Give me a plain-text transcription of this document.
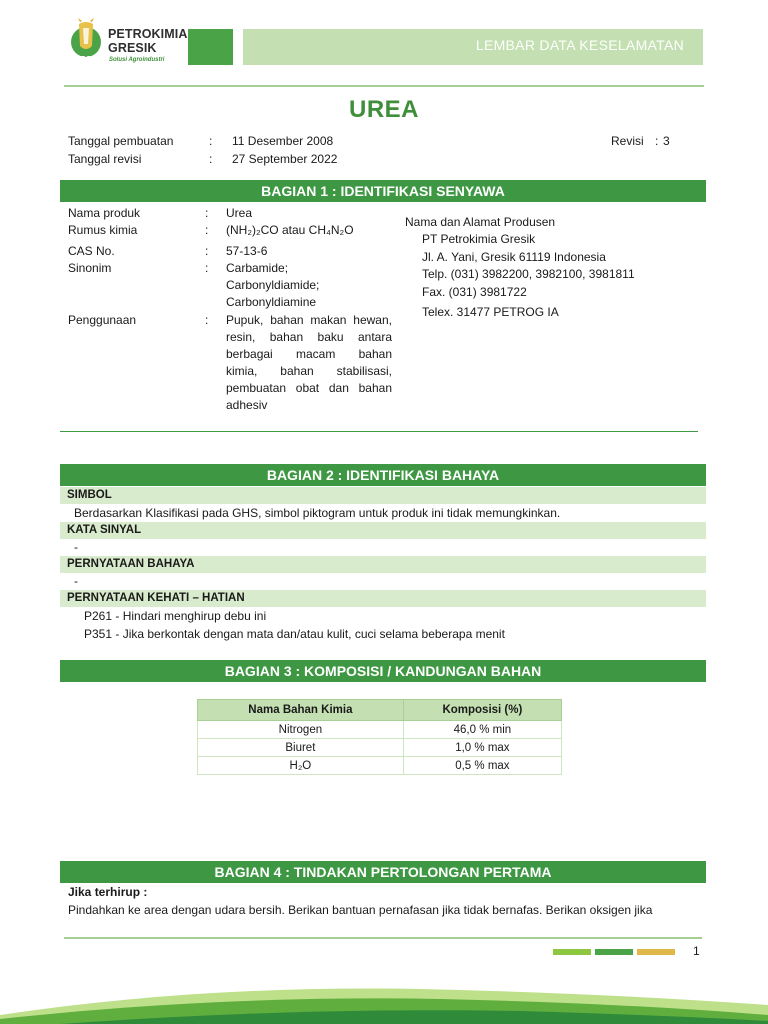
PG
PETROKIMIA
GRESIK
Solusi Agroindustri
LEMBAR DATA KESELAMATAN
UREA
Tanggal pembuatan	: 11 Desember 2008
Tanggal revisi	: 27 September 2022
Revisi : 3
BAGIAN 1 : IDENTIFIKASI SENYAWA
Nama produk	: Urea
Rumus kimia	: (NH₂)₂CO atau CH₄N₂O
CAS No.	: 57-13-6
Sinonim	: Carbamide;
Carbonyldiamide;
Carbonyldiamine
Penggunaan	: Pupuk, bahan makan hewan,
resin, bahan baku antara
berbagai macam bahan
kimia, bahan stabilisasi,
pembuatan obat dan bahan
adhesiv
Nama dan Alamat Produsen
PT Petrokimia Gresik
Jl. A. Yani, Gresik 61119 Indonesia
Telp. (031) 3982200, 3982100, 3981811
Fax. (031) 3981722
Telex. 31477 PETROG IA
BAGIAN 2 : IDENTIFIKASI BAHAYA
SIMBOL
Berdasarkan Klasifikasi pada GHS, simbol piktogram untuk produk ini tidak memungkinkan.
KATA SINYAL
-
PERNYATAAN BAHAYA
-
PERNYATAAN KEHATI – HATIAN
P261 - Hindari menghirup debu ini
P351 - Jika berkontak dengan mata dan/atau kulit, cuci selama beberapa menit
BAGIAN 3 : KOMPOSISI / KANDUNGAN BAHAN
Nama Bahan Kimia	Komposisi (%)
Nitrogen	46,0 % min
Biuret	1,0 % max
H₂O	0,5 % max
BAGIAN 4 : TINDAKAN PERTOLONGAN PERTAMA
Jika terhirup :
Pindahkan ke area dengan udara bersih. Berikan bantuan pernafasan jika tidak bernafas. Berikan oksigen jika
1
